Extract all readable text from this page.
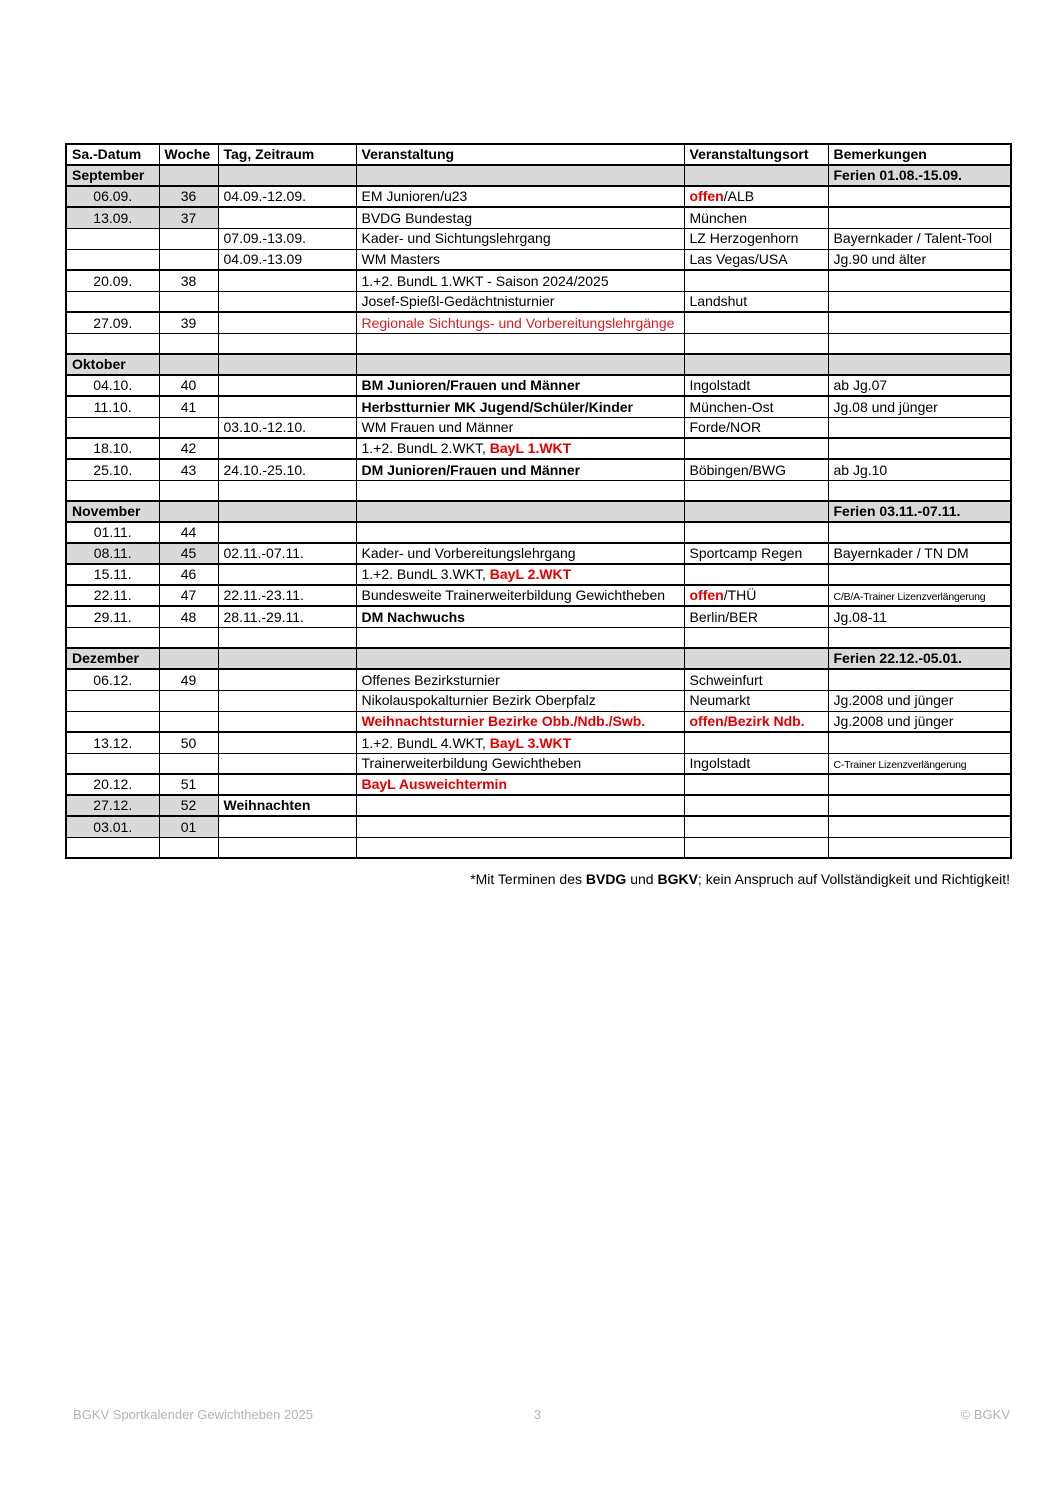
Sa.-Datum	Woche	Tag, Zeitraum	Veranstaltung	Veranstaltungsort	Bemerkungen
September					Ferien 01.08.-15.09.
06.09.	36	04.09.-12.09.	EM Junioren/u23	offen/ALB	
13.09.	37		BVDG Bundestag	München	
		07.09.-13.09.	Kader- und Sichtungslehrgang	LZ Herzogenhorn	Bayernkader / Talent-Tool
		04.09.-13.09	WM Masters	Las Vegas/USA	Jg.90 und älter
20.09.	38		1.+2. BundL 1.WKT - Saison 2024/2025		
			Josef-Spießl-Gedächtnisturnier	Landshut	
27.09.	39		Regionale Sichtungs- und Vorbereitungslehrgänge		

Oktober					
04.10.	40		BM Junioren/Frauen und Männer	Ingolstadt	ab Jg.07
11.10.	41		Herbstturnier MK Jugend/Schüler/Kinder	München-Ost	Jg.08 und jünger
		03.10.-12.10.	WM Frauen und Männer	Forde/NOR	
18.10.	42		1.+2. BundL 2.WKT, BayL 1.WKT		
25.10.	43	24.10.-25.10.	DM Junioren/Frauen und Männer	Böbingen/BWG	ab Jg.10

November					Ferien 03.11.-07.11.
01.11.	44				
08.11.	45	02.11.-07.11.	Kader- und Vorbereitungslehrgang	Sportcamp Regen	Bayernkader / TN DM
15.11.	46		1.+2. BundL 3.WKT, BayL 2.WKT		
22.11.	47	22.11.-23.11.	Bundesweite Trainerweiterbildung Gewichtheben	offen/THÜ	C/B/A-Trainer Lizenzverlängerung
29.11.	48	28.11.-29.11.	DM Nachwuchs	Berlin/BER	Jg.08-11

Dezember					Ferien 22.12.-05.01.
06.12.	49		Offenes Bezirksturnier	Schweinfurt	
			Nikolauspokalturnier Bezirk Oberpfalz	Neumarkt	Jg.2008 und jünger
			Weihnachtsturnier Bezirke Obb./Ndb./Swb.	offen/Bezirk Ndb.	Jg.2008 und jünger
13.12.	50		1.+2. BundL 4.WKT, BayL 3.WKT		
			Trainerweiterbildung Gewichtheben	Ingolstadt	C-Trainer Lizenzverlängerung
20.12.	51		BayL Ausweichtermin		
27.12.	52	Weihnachten			
03.01.	01				

*Mit Terminen des BVDG und BGKV; kein Anspruch auf Vollständigkeit und Richtigkeit!
BGKV Sportkalender Gewichtheben 2025	3	© BGKV
